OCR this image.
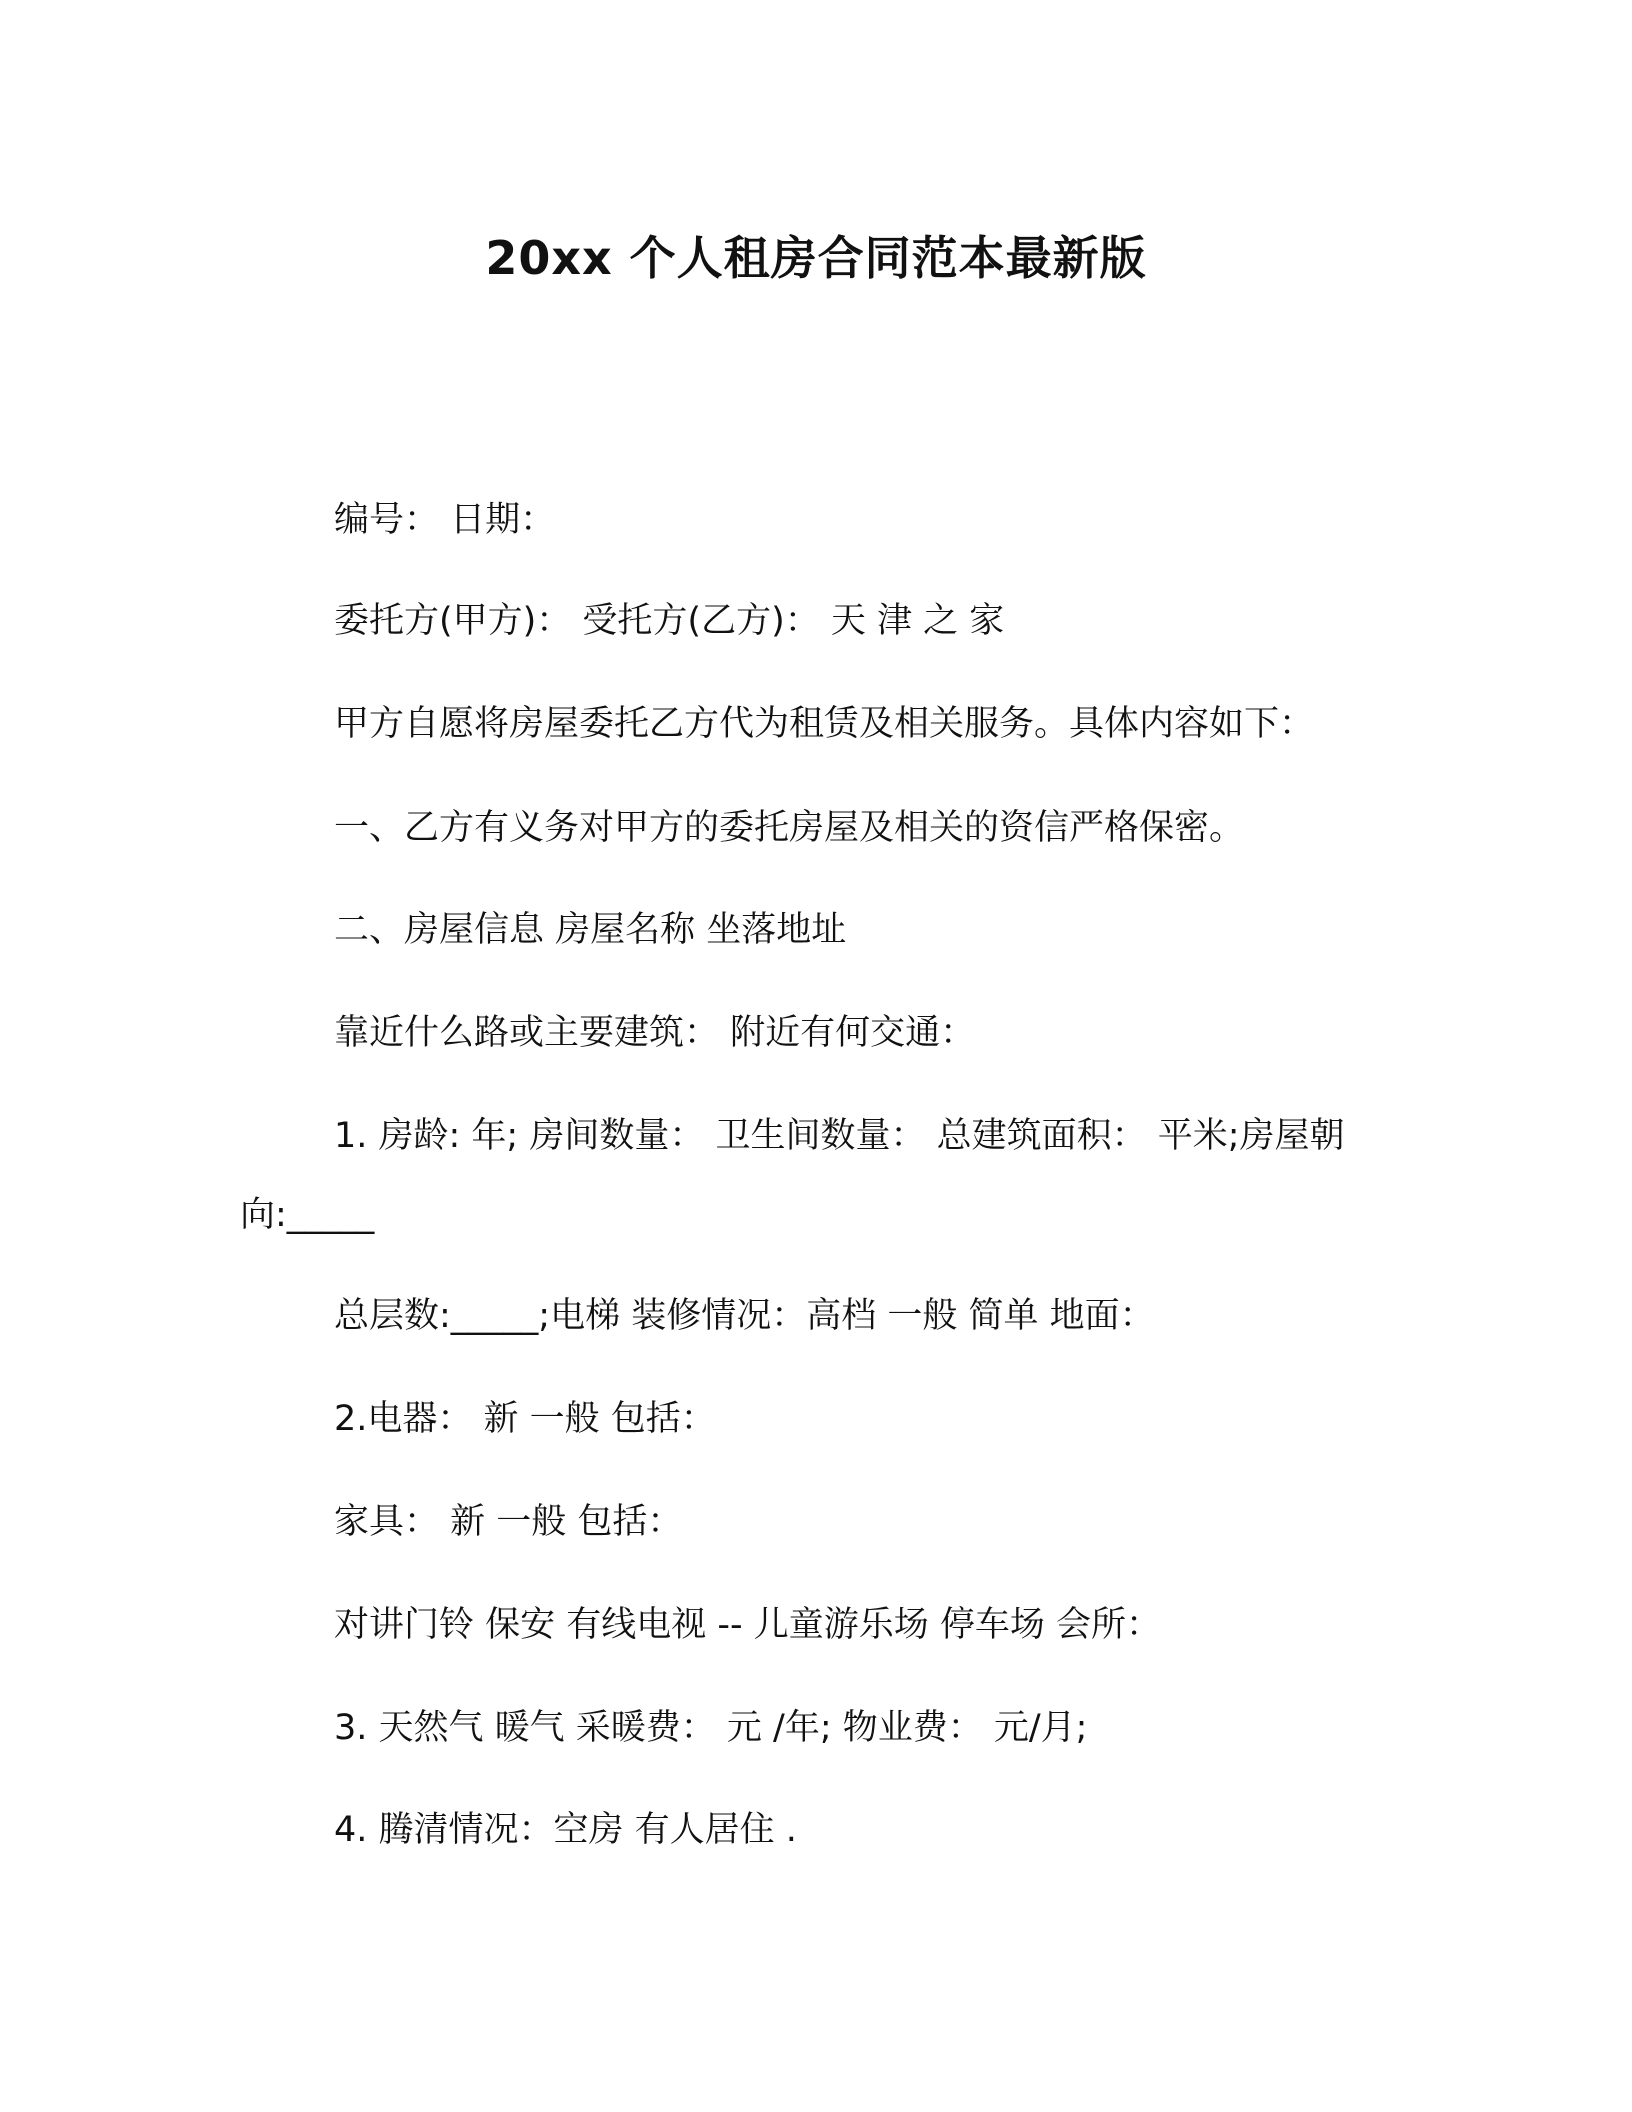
20xx 个人租房合同范本最新版

编号： 日期：

委托方(甲方)： 受托方(乙方)： 天 津 之 家

甲方自愿将房屋委托乙方代为租赁及相关服务。具体内容如下：

一、乙方有义务对甲方的委托房屋及相关的资信严格保密。

二、房屋信息 房屋名称 坐落地址

靠近什么路或主要建筑： 附近有何交通：

1. 房龄: 年; 房间数量： 卫生间数量： 总建筑面积： 平米;房屋朝

向:_____

总层数:_____;电梯 装修情况：高档 一般 简单 地面：

2.电器： 新 一般 包括：

家具： 新 一般 包括：

对讲门铃 保安 有线电视 -- 儿童游乐场 停车场 会所：

3. 天然气 暖气 采暖费： 元 /年; 物业费： 元/月;

4. 腾清情况：空房 有人居住 .
